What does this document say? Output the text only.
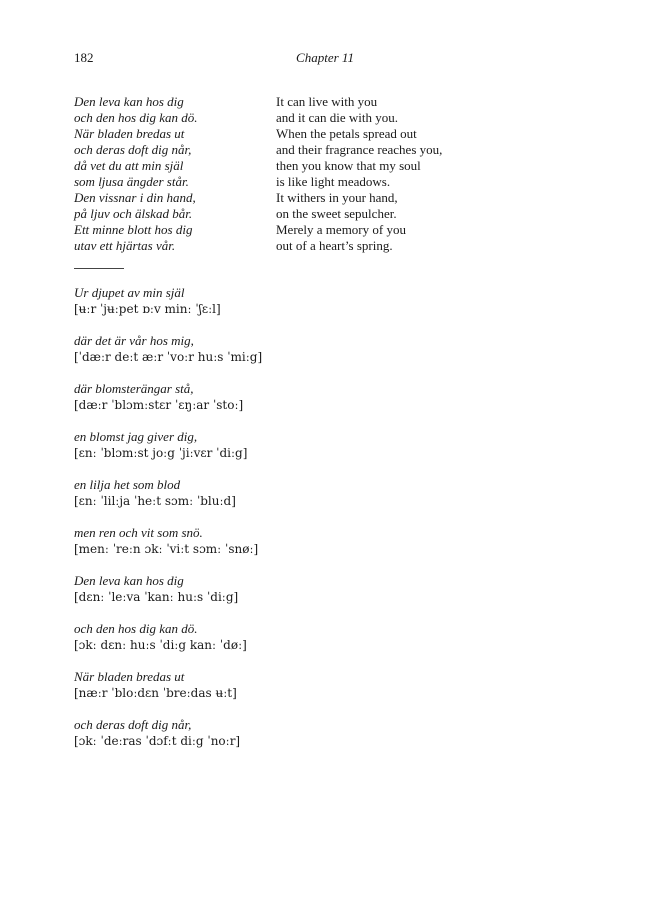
182	Chapter 11
Den leva kan hos dig
och den hos dig kan dö.
När bladen bredas ut
och deras doft dig når,
då vet du att min själ
som ljusa ängder står.
Den vissnar i din hand,
på ljuv och älskad bår.
Ett minne blott hos dig
utav ett hjärtas vår.
It can live with you
and it can die with you.
When the petals spread out
and their fragrance reaches you,
then you know that my soul
is like light meadows.
It withers in your hand,
on the sweet sepulcher.
Merely a memory of you
out of a heart’s spring.
Ur djupet av min själ
[ʉːr ˈjʉːpet ɒːv minː ˈʃɛːl]
där det är vår hos mig,
[ˈdæːr deːt æːr ˈvoːr huːs ˈmiːg]
där blomsterängar stå,
[dæːr ˈblɔmːstɛr ˈɛŋːar ˈstoː]
en blomst jag giver dig,
[ɛnː ˈblɔmːst joːg ˈjiːvɛr ˈdiːg]
en lilja het som blod
[ɛnː ˈlilːja ˈheːt sɔmː ˈbluːd]
men ren och vit som snö.
[menː ˈreːn ɔkː ˈviːt sɔmː ˈsnøː]
Den leva kan hos dig
[dɛnː ˈleːva ˈkanː huːs ˈdiːg]
och den hos dig kan dö.
[ɔkː dɛnː huːs ˈdiːg kanː ˈdøː]
När bladen bredas ut
[næːr ˈbloːdɛn ˈbreːdas ʉːt]
och deras doft dig når,
[ɔkː ˈdeːras ˈdɔfːt diːg ˈnoːr]
